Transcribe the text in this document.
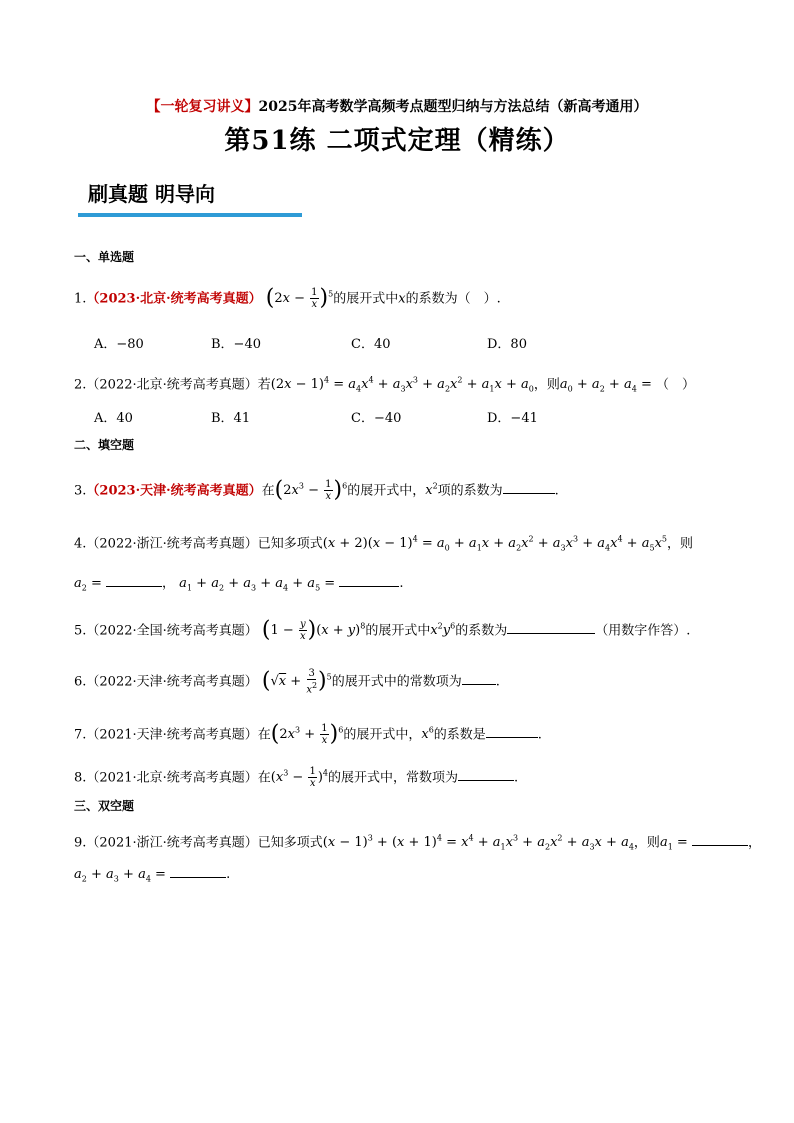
【一轮复习讲义】2025年高考数学高频考点题型归纳与方法总结（新高考通用）
第51练 二项式定理（精练）
刷真题 明导向
一、单选题
1.（2023·北京·统考高考真题） $(2x - \frac{1}{x} )^5$的展开式中x的系数为（　）.
A．−80	B．−40	C．40	D．80
2.（2022·北京·统考高考真题）若$(2x - 1)^4 = a_4x^4 + a_3x^3 + a_2x^2 + a_1x + a_0$，则$a_0 + a_2 + a_4$ = （　）
A．40	B．41	C．−40	D．−41
二、填空题
3.（2023·天津·统考高考真题）在$(2x^3 - \frac{1}{x} )^6$的展开式中，$x^2$项的系数为	.
4.（2022·浙江·统考高考真题）已知多项式$(x + 2)(x - 1)^4 = a_0 + a_1x + a_2x^2 + a_3x^3 + a_4x^4 + a_5x^5$，则
$a_2$ =	， $a_1 + a_2 + a_3 + a_4 + a_5$ =	.
5.（2022·全国·统考高考真题） $(1 - \frac{y}{x} )(x + y)^8$的展开式中$x^2y^6$的系数为	（用数字作答）.
6.（2022·天津·统考高考真题） $(√x + \frac{3}{x^2} )^5$的展开式中的常数项为	.
7.（2021·天津·统考高考真题）在$(2x^3 + \frac{1}{x} )^6$的展开式中，$x^6$的系数是	.
8.（2021·北京·统考高考真题）在$(x^3 - \frac{1}{x} )^4$的展开式中，常数项为	.
三、双空题
9.（2021·浙江·统考高考真题）已知多项式$(x - 1)^3 + (x + 1)^4 = x^4 + a_1x^3 + a_2x^2 + a_3x + a_4$，则$a_1$ =	，
$a_2 + a_3 + a_4$ =	.
